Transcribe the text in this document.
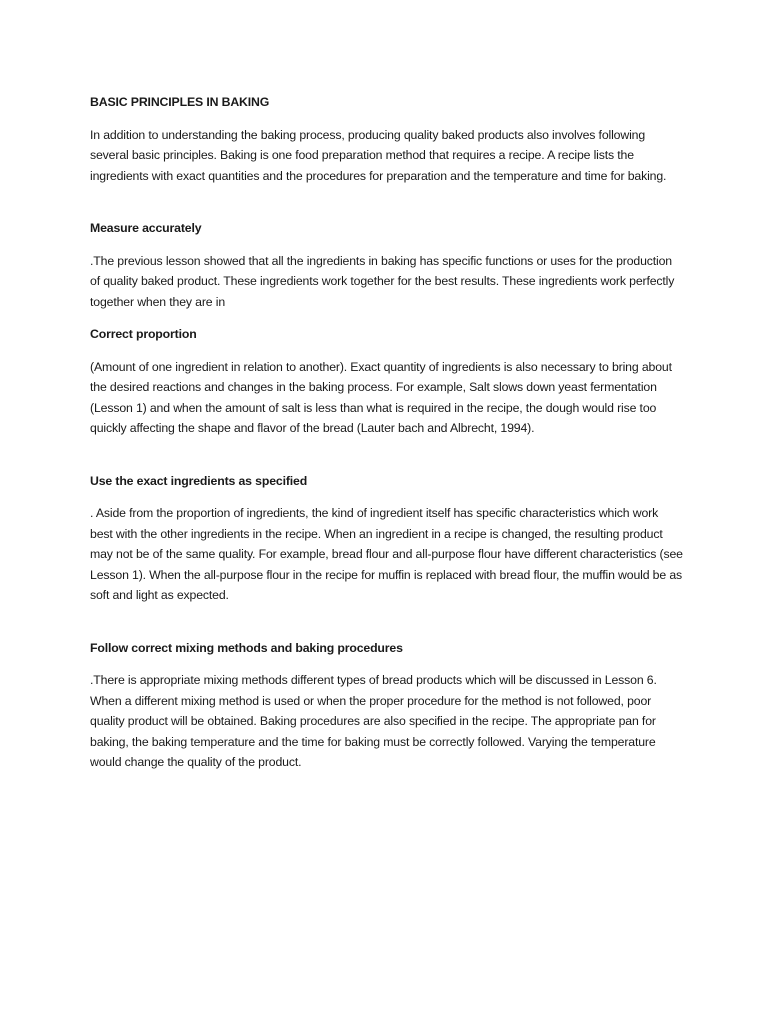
BASIC PRINCIPLES IN BAKING

In addition to understanding the baking process, producing quality baked products also involves following several basic principles. Baking is one food preparation method that requires a recipe. A recipe lists the ingredients with exact quantities and the procedures for preparation and the temperature and time for baking.

Measure accurately

.The previous lesson showed that all the ingredients in baking has specific functions or uses for the production of quality baked product. These ingredients work together for the best results. These ingredients work perfectly together when they are in

Correct proportion

(Amount of one ingredient in relation to another). Exact quantity of ingredients is also necessary to bring about the desired reactions and changes in the baking process. For example, Salt slows down yeast fermentation (Lesson 1) and when the amount of salt is less than what is required in the recipe, the dough would rise too quickly affecting the shape and flavor of the bread (Lauter bach and Albrecht, 1994).

Use the exact ingredients as specified

. Aside from the proportion of ingredients, the kind of ingredient itself has specific characteristics which work best with the other ingredients in the recipe. When an ingredient in a recipe is changed, the resulting product may not be of the same quality. For example, bread flour and all-purpose flour have different characteristics (see Lesson 1). When the all-purpose flour in the recipe for muffin is replaced with bread flour, the muffin would be as soft and light as expected.

Follow correct mixing methods and baking procedures

.There is appropriate mixing methods different types of bread products which will be discussed in Lesson 6. When a different mixing method is used or when the proper procedure for the method is not followed, poor quality product will be obtained. Baking procedures are also specified in the recipe. The appropriate pan for baking, the baking temperature and the time for baking must be correctly followed. Varying the temperature would change the quality of the product.
